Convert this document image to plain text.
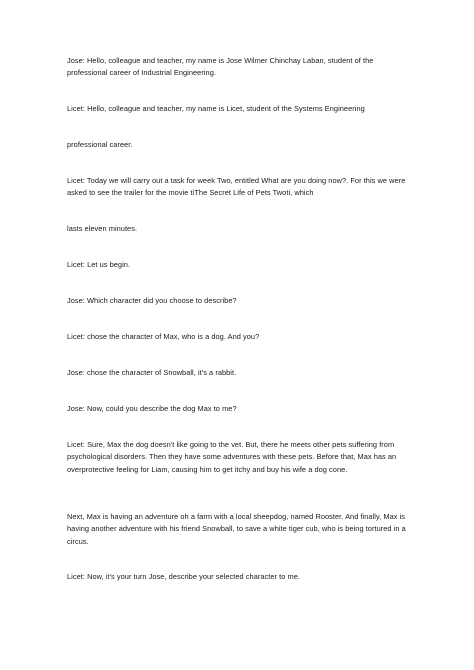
Jose: Hello, colleague and teacher, my name is Jose Wilmer Chinchay Laban, student of the professional career of Industrial Engineering.

Licet: Hello, colleague and teacher, my name is Licet, student of the Systems Engineering

professional career.

Licet: Today we will carry out a task for week Two, entitled What are you doing now?. For this we were asked to see the trailer for the movie tiThe Secret Life of Pets Twoti, which

lasts eleven minutes.

Licet: Let us begin.

Jose: Which character did you choose to describe?

Licet: chose the character of Max, who is a dog. And you?

Jose: chose the character of Snowball, it's a rabbit.

Jose: Now, could you describe the dog Max to me?

Licet: Sure, Max the dog doesn't like going to the vet. But, there he meets other pets suffering from psychological disorders. Then they have some adventures with these pets. Before that, Max has an overprotective feeling for Liam, causing him to get itchy and buy his wife a dog cone.

Next, Max is having an adventure oh a farm with a local sheepdog, named Rooster. And finally, Max is having another adventure with his friend Snowball, to save a white tiger cub, who is being tortured in a circus.

Licet: Now, it's your turn Jose, describe your selected character to me.
